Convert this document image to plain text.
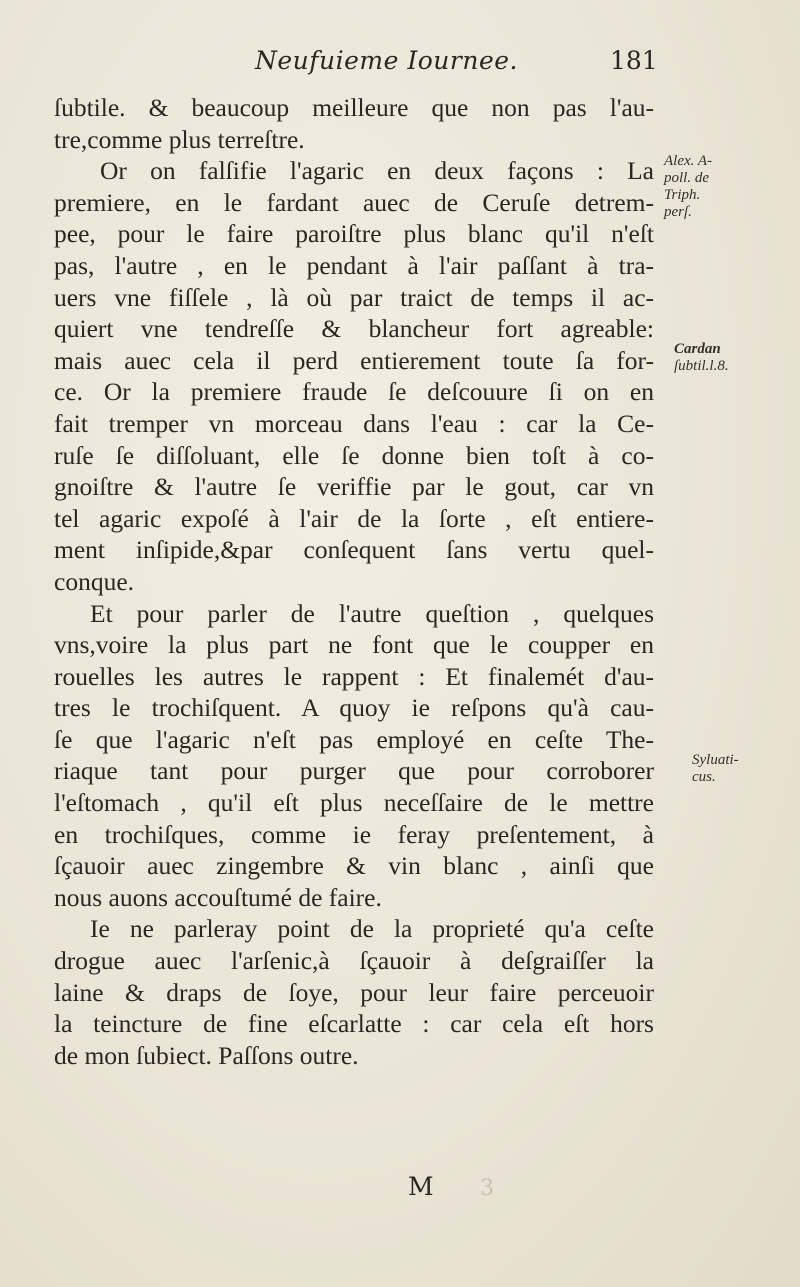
Neufuieme Iournee.	181
ſubtile. & beaucoup meilleure que non pas l'au-
tre,comme plus terreſtre.
Or on falſifie l'agaric en deux façons : La
premiere, en le fardant auec de Ceruſe detrem-
pee, pour le faire paroiſtre plus blanc qu'il n'eſt
pas, l'autre , en le pendant à l'air paſſant à tra-
uers vne fiſſele , là où par traict de temps il ac-
quiert vne tendreſſe & blancheur fort agreable:
mais auec cela il perd entierement toute ſa for-
ce. Or la premiere fraude ſe deſcouure ſi on en
fait tremper vn morceau dans l'eau : car la Ce-
ruſe ſe diſſoluant, elle ſe donne bien toſt à co-
gnoiſtre & l'autre ſe veriffie par le gout, car vn
tel agaric expoſé à l'air de la ſorte , eſt entiere-
ment inſipide,&par conſequent ſans vertu quel-
conque.
Et pour parler de l'autre queſtion , quelques
vns,voire la plus part ne font que le coupper en
rouelles les autres le rappent : Et finalemét d'au-
tres le trochiſquent. A quoy ie reſpons qu'à cau-
ſe que l'agaric n'eſt pas employé en ceſte The-
riaque tant pour purger que pour corroborer
l'eſtomach , qu'il eſt plus neceſſaire de le mettre
en trochiſques, comme ie feray preſentement, à
ſçauoir auec zingembre & vin blanc , ainſi que
nous auons accouſtumé de faire.
Ie ne parleray point de la proprieté qu'a ceſte
drogue auec l'arſenic,à ſçauoir à deſgraiſſer la
laine & draps de ſoye, pour leur faire perceuoir
la teincture de fine eſcarlatte : car cela eſt hors
de mon ſubiect. Paſſons outre.
Alex. A-
poll. de
Triph.
perſ.
Cardan
ſubtil.l.8.
Syluati-
cus.
M 3
